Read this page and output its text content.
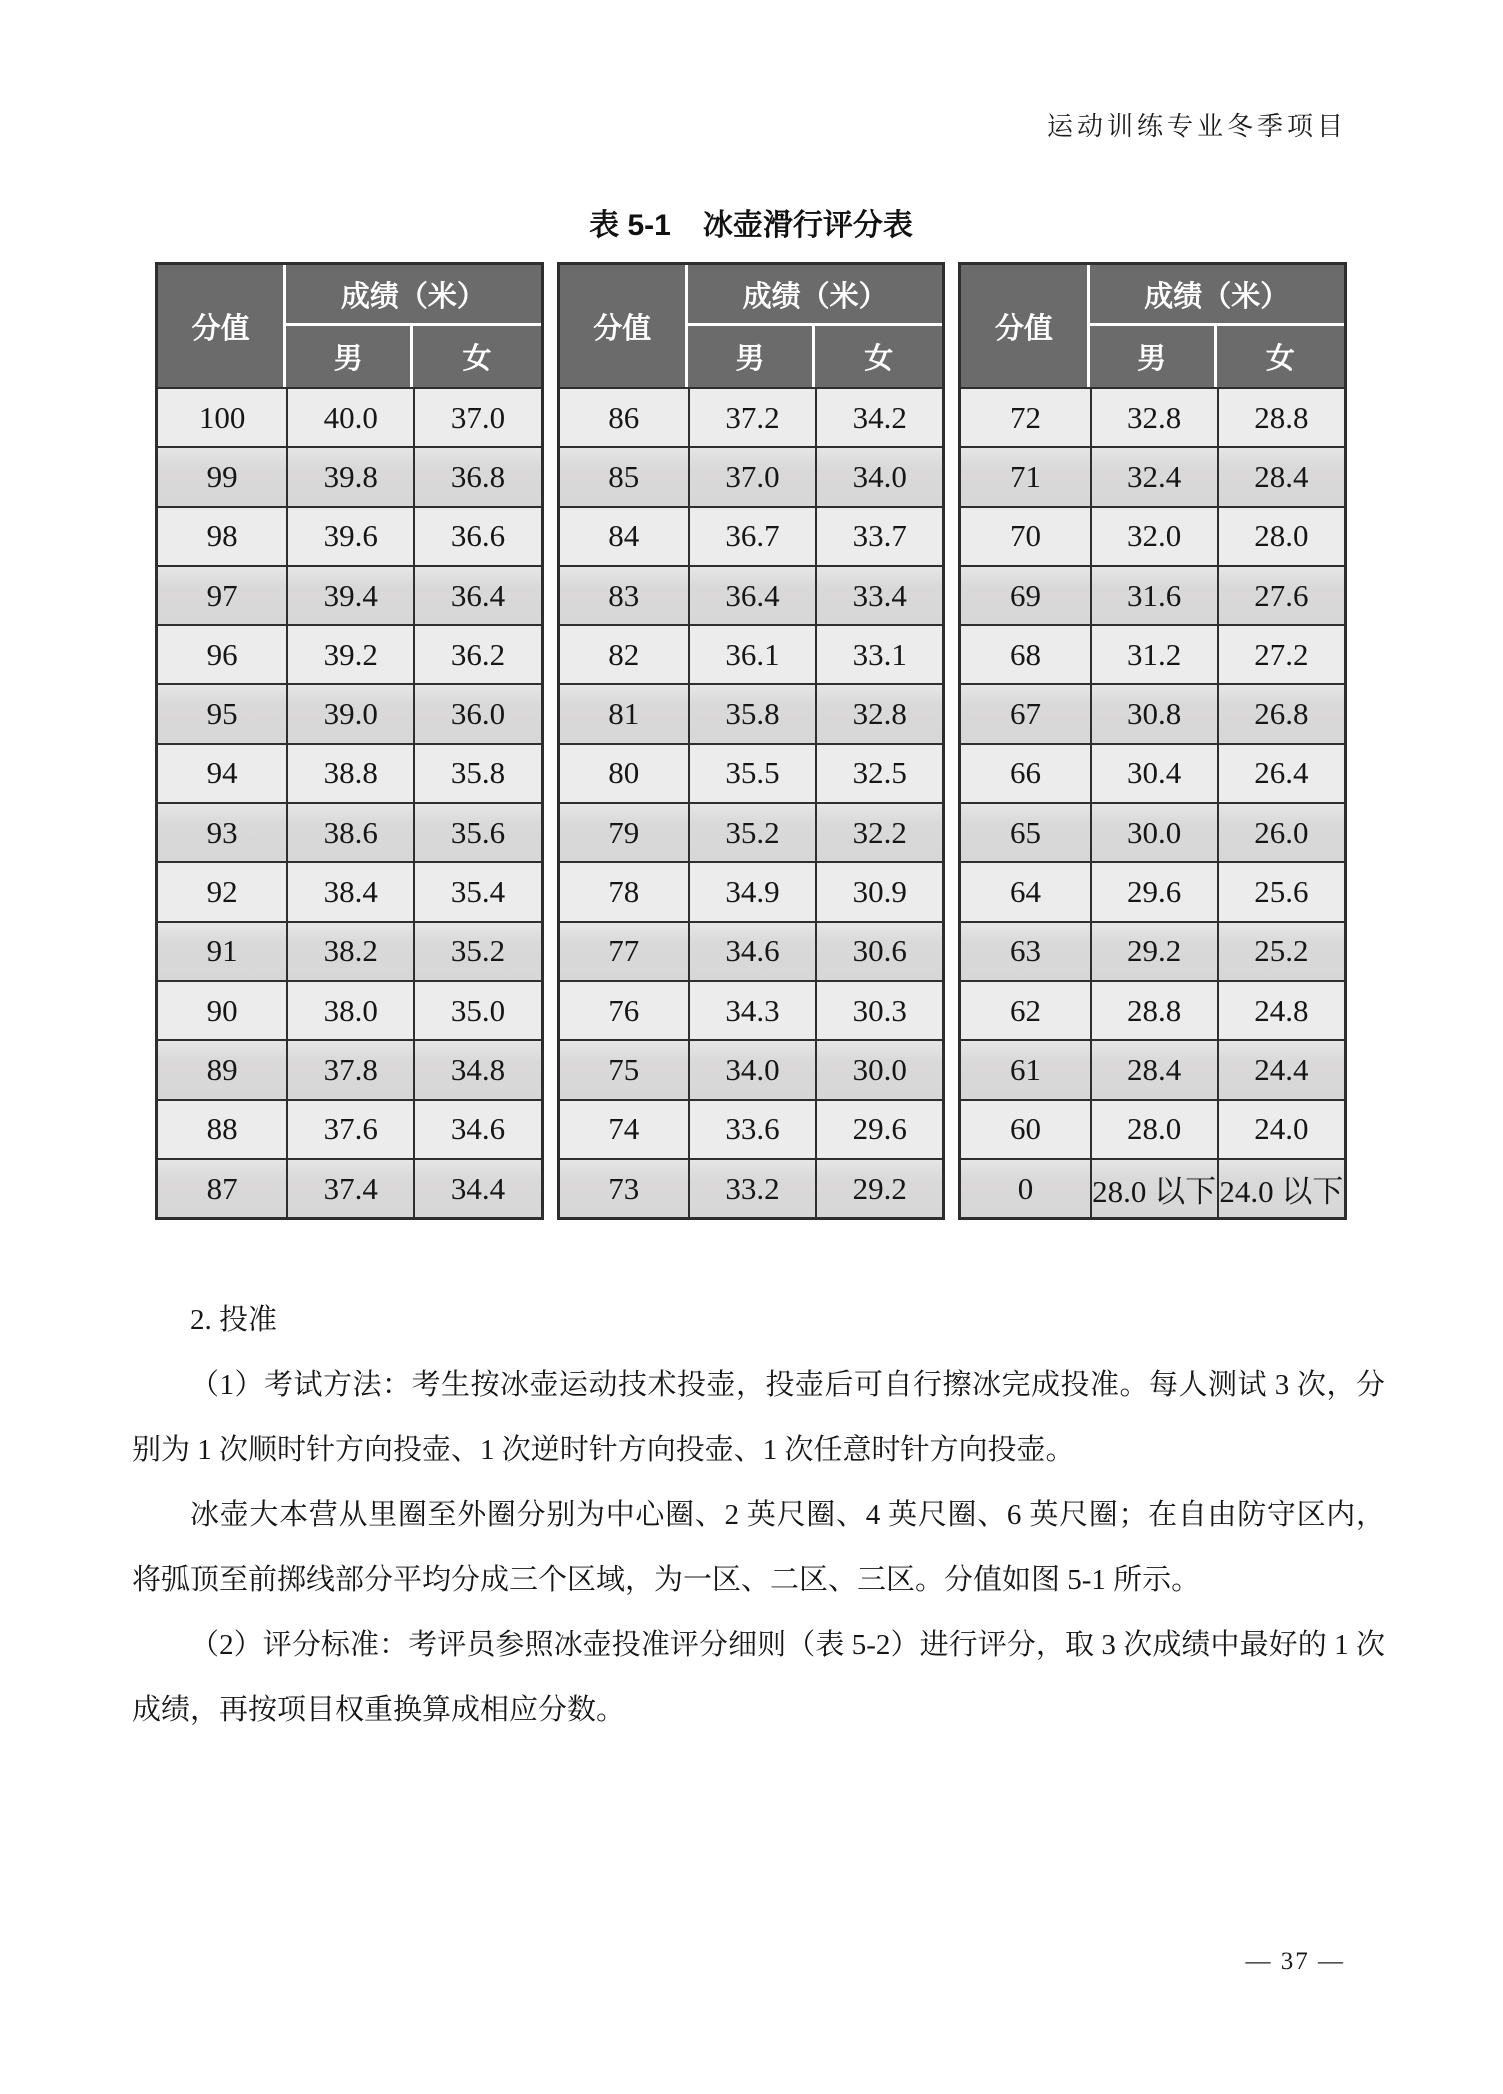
运动训练专业冬季项目
表 5-1 冰壶滑行评分表
分值	成绩（米）	
	男	女
100	40.0	37.0
99	39.8	36.8
98	39.6	36.6
97	39.4	36.4
96	39.2	36.2
95	39.0	36.0
94	38.8	35.8
93	38.6	35.6
92	38.4	35.4
91	38.2	35.2
90	38.0	35.0
89	37.8	34.8
88	37.6	34.6
87	37.4	34.4
分值	成绩（米）	
	男	女
86	37.2	34.2
85	37.0	34.0
84	36.7	33.7
83	36.4	33.4
82	36.1	33.1
81	35.8	32.8
80	35.5	32.5
79	35.2	32.2
78	34.9	30.9
77	34.6	30.6
76	34.3	30.3
75	34.0	30.0
74	33.6	29.6
73	33.2	29.2
分值	成绩（米）	
	男	女
72	32.8	28.8
71	32.4	28.4
70	32.0	28.0
69	31.6	27.6
68	31.2	27.2
67	30.8	26.8
66	30.4	26.4
65	30.0	26.0
64	29.6	25.6
63	29.2	25.2
62	28.8	24.8
61	28.4	24.4
60	28.0	24.0
0	28.0 以下	24.0 以下

2. 投准

（1）考试方法：考生按冰壶运动技术投壶，投壶后可自行擦冰完成投准。每人测试 3 次，分别为 1 次顺时针方向投壶、1 次逆时针方向投壶、1 次任意时针方向投壶。

冰壶大本营从里圈至外圈分别为中心圈、2 英尺圈、4 英尺圈、6 英尺圈；在自由防守区内，将弧顶至前掷线部分平均分成三个区域，为一区、二区、三区。分值如图 5-1 所示。

（2）评分标准：考评员参照冰壶投准评分细则（表 5-2）进行评分，取 3 次成绩中最好的 1 次成绩，再按项目权重换算成相应分数。

— 37 —
